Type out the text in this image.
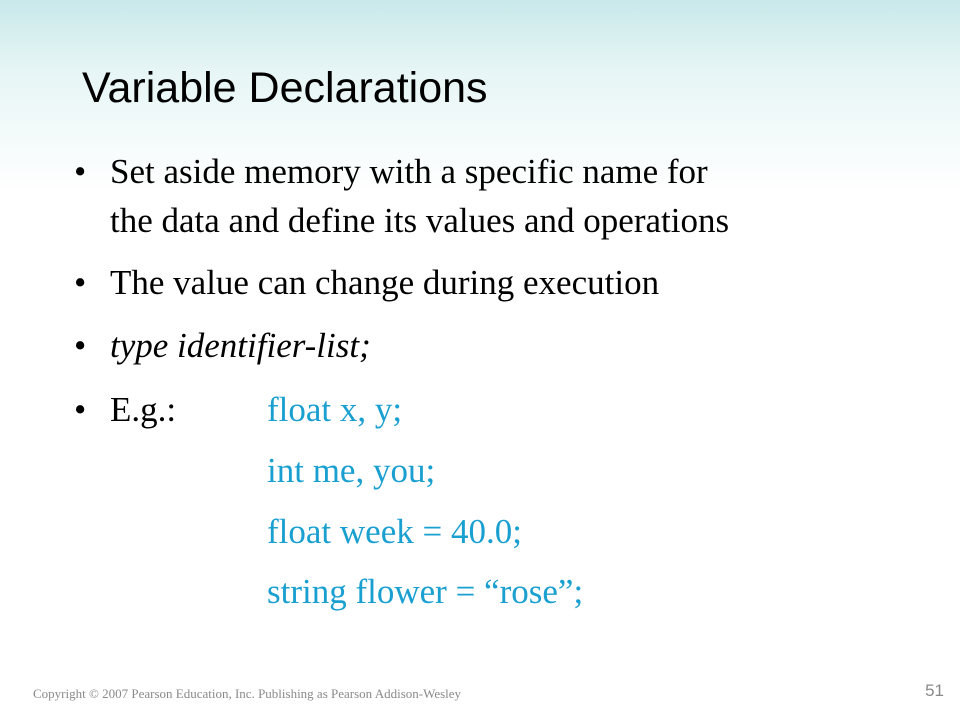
Variable Declarations
• Set aside memory with a specific name for
the data and define its values and operations
• The value can change during execution
• type identifier-list;
• E.g.:	float x, y;
int me, you;
float week = 40.0;
string flower = “rose”;
Copyright © 2007 Pearson Education, Inc. Publishing as Pearson Addison-Wesley	51
